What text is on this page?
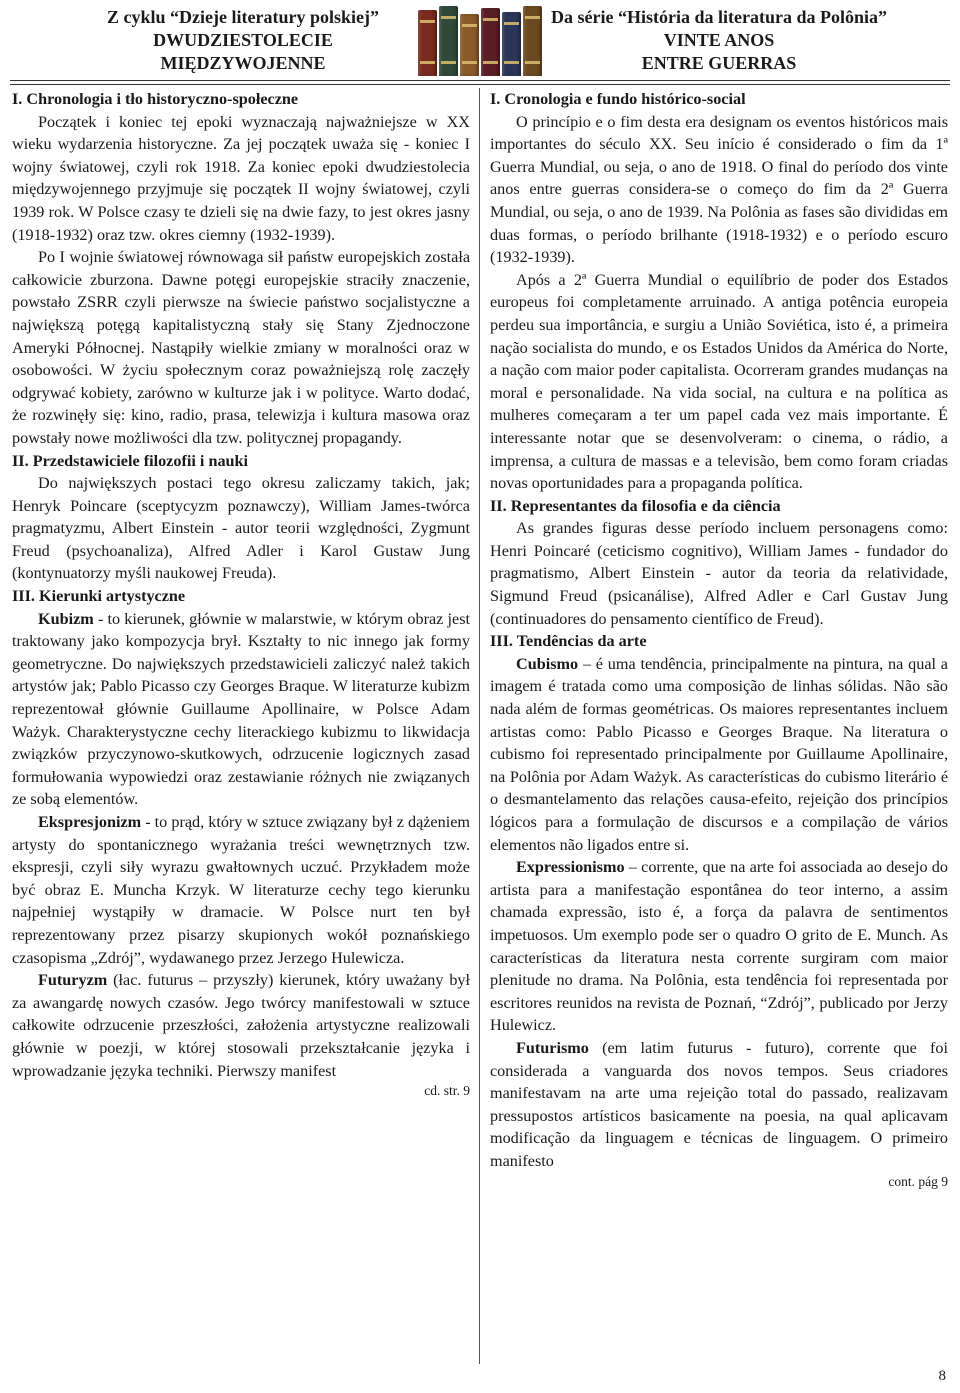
Z cyklu “Dzieje literatury polskiej”
DWUDZIESTOLECIE
MIĘDZYWOJENNE
Da série “História da literatura da Polônia”
VINTE ANOS
ENTRE GUERRAS
I. Chronologia i tło historyczno-społeczne

Początek i koniec tej epoki wyznaczają najważniejsze w XX wieku wydarzenia historyczne. Za jej początek uważa się - koniec I wojny światowej, czyli rok 1918. Za koniec epoki dwudziestolecia międzywojennego przyjmuje się początek II wojny światowej, czyli 1939 rok. W Polsce czasy te dzieli się na dwie fazy, to jest okres jasny (1918-1932) oraz tzw. okres ciemny (1932-1939).

Po I wojnie światowej równowaga sił państw europejskich została całkowicie zburzona. Dawne potęgi europejskie straciły znaczenie, powstało ZSRR czyli pierwsze na świecie państwo socjalistyczne a największą potęgą kapitalistyczną stały się Stany Zjednoczone Ameryki Północnej. Nastąpiły wielkie zmiany w moralności oraz w osobowości. W życiu społecznym coraz poważniejszą rolę zaczęły odgrywać kobiety, zarówno w kulturze jak i w polityce. Warto dodać, że rozwinęły się: kino, radio, prasa, telewizja i kultura masowa oraz powstały nowe możliwości dla tzw. politycznej propagandy.

II. Przedstawiciele filozofii i nauki

Do największych postaci tego okresu zaliczamy takich, jak; Henryk Poincare (sceptycyzm poznawczy), William James-twórca pragmatyzmu, Albert Einstein - autor teorii względności, Zygmunt Freud (psychoanaliza), Alfred Adler i Karol Gustaw Jung (kontynuatorzy myśli naukowej Freuda).

III. Kierunki artystyczne

Kubizm - to kierunek, głównie w malarstwie, w którym obraz jest traktowany jako kompozycja brył. Kształty to nic innego jak formy geometryczne. Do największych przedstawicieli zaliczyć należ takich artystów jak; Pablo Picasso czy Georges Braque. W literaturze kubizm reprezentował głównie Guillaume Apollinaire, w Polsce Adam Ważyk. Charakterystyczne cechy literackiego kubizmu to likwidacja związków przyczynowo-skutkowych, odrzucenie logicznych zasad formułowania wypowiedzi oraz zestawianie różnych nie związanych ze sobą elementów.

Ekspresjonizm - to prąd, który w sztuce związany był z dążeniem artysty do spontanicznego wyrażania treści wewnętrznych tzw. ekspresji, czyli siły wyrazu gwałtownych uczuć. Przykładem może być obraz E. Muncha Krzyk. W literaturze cechy tego kierunku najpełniej wystąpiły w dramacie. W Polsce nurt ten był reprezentowany przez pisarzy skupionych wokół poznańskiego czasopisma „Zdrój”, wydawanego przez Jerzego Hulewicza.

Futuryzm (łac. futurus – przyszły) kierunek, który uważany był za awangardę nowych czasów. Jego twórcy manifestowali w sztuce całkowite odrzucenie przeszłości, założenia artystyczne realizowali głównie w poezji, w której stosowali przekształcanie języka i wprowadzanie języka techniki. Pierwszy manifest

cd. str. 9

I. Cronologia e fundo histórico-social

O princípio e o fim desta era designam os eventos históricos mais importantes do século XX. Seu início é considerado o fim da 1ª Guerra Mundial, ou seja, o ano de 1918. O final do período dos vinte anos entre guerras considera-se o começo do fim da 2ª Guerra Mundial, ou seja, o ano de 1939. Na Polônia as fases são divididas em duas formas, o período brilhante (1918-1932) e o período escuro (1932-1939).

Após a 2ª Guerra Mundial o equilíbrio de poder dos Estados europeus foi completamente arruinado. A antiga potência europeia perdeu sua importância, e surgiu a União Soviética, isto é, a primeira nação socialista do mundo, e os Estados Unidos da América do Norte, a nação com maior poder capitalista. Ocorreram grandes mudanças na moral e personalidade. Na vida social, na cultura e na política as mulheres começaram a ter um papel cada vez mais importante. É interessante notar que se desenvolveram: o cinema, o rádio, a imprensa, a cultura de massas e a televisão, bem como foram criadas novas oportunidades para a propaganda política.

II. Representantes da filosofia e da ciência

As grandes figuras desse período incluem personagens como: Henri Poincaré (ceticismo cognitivo), William James - fundador do pragmatismo, Albert Einstein - autor da teoria da relatividade, Sigmund Freud (psicanálise), Alfred Adler e Carl Gustav Jung (continuadores do pensamento científico de Freud).

III. Tendências da arte

Cubismo – é uma tendência, principalmente na pintura, na qual a imagem é tratada como uma composição de linhas sólidas. Não são nada além de formas geométricas. Os maiores representantes incluem artistas como: Pablo Picasso e Georges Braque. Na literatura o cubismo foi representado principalmente por Guillaume Apollinaire, na Polônia por Adam Ważyk. As características do cubismo literário é o desmantelamento das relações causa-efeito, rejeição dos princípios lógicos para a formulação de discursos e a compilação de vários elementos não ligados entre si.

Expressionismo – corrente, que na arte foi associada ao desejo do artista para a manifestação espontânea do teor interno, a assim chamada expressão, isto é, a força da palavra de sentimentos impetuosos. Um exemplo pode ser o quadro O grito de E. Munch. As características da literatura nesta corrente surgiram com maior plenitude no drama. Na Polônia, esta tendência foi representada por escritores reunidos na revista de Poznań, “Zdrój”, publicado por Jerzy Hulewicz.

Futurismo (em latim futurus - futuro), corrente que foi considerada a vanguarda dos novos tempos. Seus criadores manifestavam na arte uma rejeição total do passado, realizavam pressupostos artísticos basicamente na poesia, na qual aplicavam modificação da linguagem e técnicas de linguagem. O primeiro manifesto

cont. pág 9

8
